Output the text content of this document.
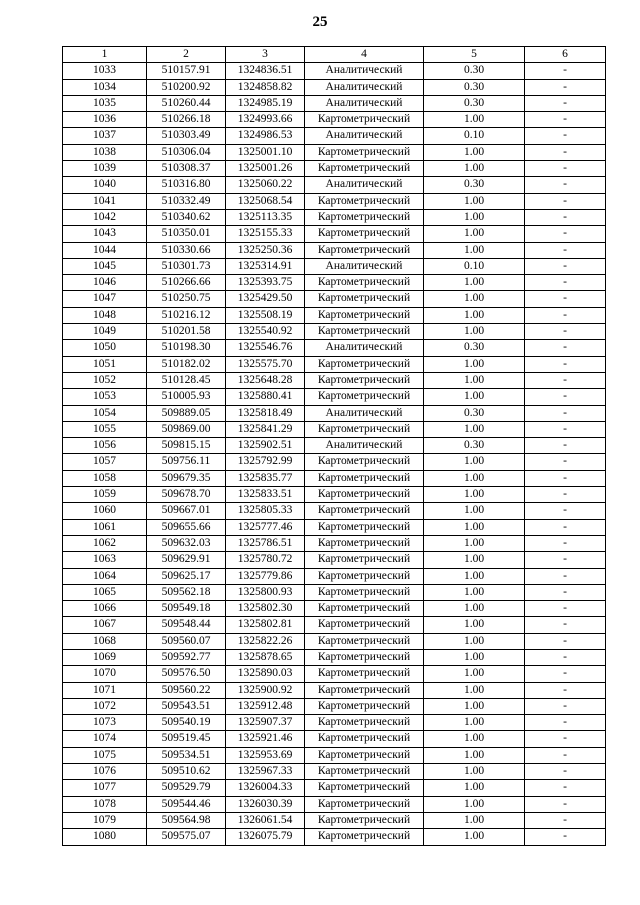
25
1	2	3	4	5	6
1033	510157.91	1324836.51	Аналитический	0.30	-
1034	510200.92	1324858.82	Аналитический	0.30	-
1035	510260.44	1324985.19	Аналитический	0.30	-
1036	510266.18	1324993.66	Картометрический	1.00	-
1037	510303.49	1324986.53	Аналитический	0.10	-
1038	510306.04	1325001.10	Картометрический	1.00	-
1039	510308.37	1325001.26	Картометрический	1.00	-
1040	510316.80	1325060.22	Аналитический	0.30	-
1041	510332.49	1325068.54	Картометрический	1.00	-
1042	510340.62	1325113.35	Картометрический	1.00	-
1043	510350.01	1325155.33	Картометрический	1.00	-
1044	510330.66	1325250.36	Картометрический	1.00	-
1045	510301.73	1325314.91	Аналитический	0.10	-
1046	510266.66	1325393.75	Картометрический	1.00	-
1047	510250.75	1325429.50	Картометрический	1.00	-
1048	510216.12	1325508.19	Картометрический	1.00	-
1049	510201.58	1325540.92	Картометрический	1.00	-
1050	510198.30	1325546.76	Аналитический	0.30	-
1051	510182.02	1325575.70	Картометрический	1.00	-
1052	510128.45	1325648.28	Картометрический	1.00	-
1053	510005.93	1325880.41	Картометрический	1.00	-
1054	509889.05	1325818.49	Аналитический	0.30	-
1055	509869.00	1325841.29	Картометрический	1.00	-
1056	509815.15	1325902.51	Аналитический	0.30	-
1057	509756.11	1325792.99	Картометрический	1.00	-
1058	509679.35	1325835.77	Картометрический	1.00	-
1059	509678.70	1325833.51	Картометрический	1.00	-
1060	509667.01	1325805.33	Картометрический	1.00	-
1061	509655.66	1325777.46	Картометрический	1.00	-
1062	509632.03	1325786.51	Картометрический	1.00	-
1063	509629.91	1325780.72	Картометрический	1.00	-
1064	509625.17	1325779.86	Картометрический	1.00	-
1065	509562.18	1325800.93	Картометрический	1.00	-
1066	509549.18	1325802.30	Картометрический	1.00	-
1067	509548.44	1325802.81	Картометрический	1.00	-
1068	509560.07	1325822.26	Картометрический	1.00	-
1069	509592.77	1325878.65	Картометрический	1.00	-
1070	509576.50	1325890.03	Картометрический	1.00	-
1071	509560.22	1325900.92	Картометрический	1.00	-
1072	509543.51	1325912.48	Картометрический	1.00	-
1073	509540.19	1325907.37	Картометрический	1.00	-
1074	509519.45	1325921.46	Картометрический	1.00	-
1075	509534.51	1325953.69	Картометрический	1.00	-
1076	509510.62	1325967.33	Картометрический	1.00	-
1077	509529.79	1326004.33	Картометрический	1.00	-
1078	509544.46	1326030.39	Картометрический	1.00	-
1079	509564.98	1326061.54	Картометрический	1.00	-
1080	509575.07	1326075.79	Картометрический	1.00	-
